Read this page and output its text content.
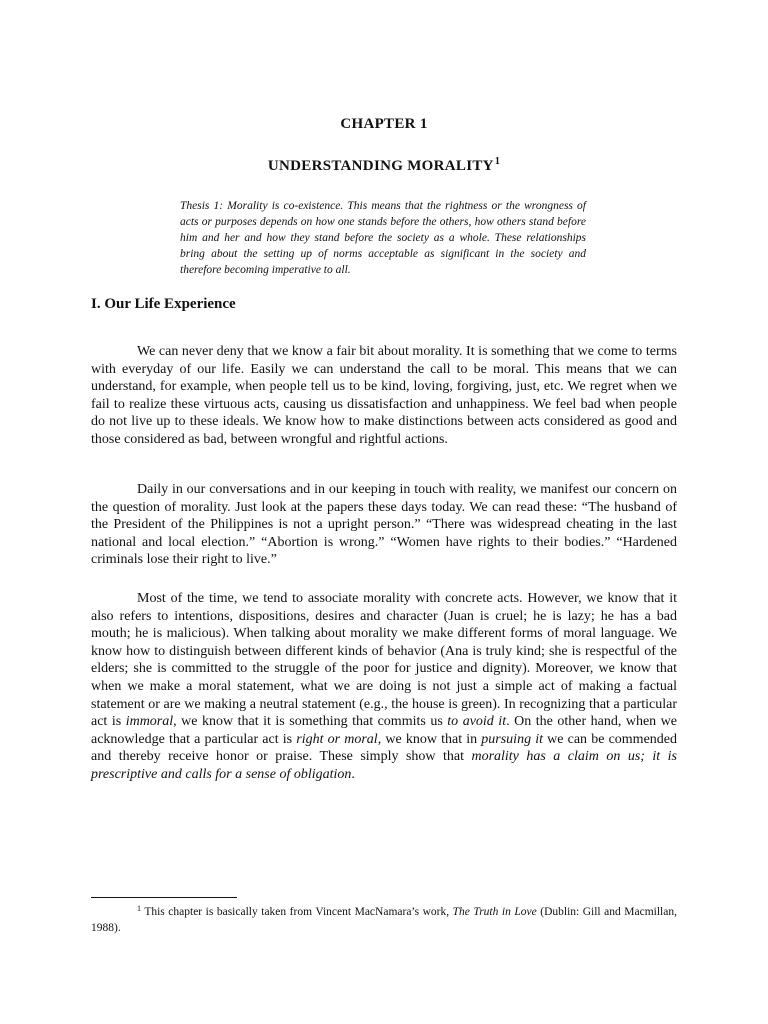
CHAPTER 1
UNDERSTANDING MORALITY$^1$

Thesis 1: Morality is co-existence. This means that the rightness or the wrongness of acts or purposes depends on how one stands before the others, how others stand before him and her and how they stand before the society as a whole. These relationships bring about the setting up of norms acceptable as significant in the society and therefore becoming imperative to all.

I. Our Life Experience

We can never deny that we know a fair bit about morality. It is something that we come to terms with everyday of our life. Easily we can understand the call to be moral. This means that we can understand, for example, when people tell us to be kind, loving, forgiving, just, etc. We regret when we fail to realize these virtuous acts, causing us dissatisfaction and unhappiness. We feel bad when people do not live up to these ideals. We know how to make distinctions between acts considered as good and those considered as bad, between wrongful and rightful actions.

Daily in our conversations and in our keeping in touch with reality, we manifest our concern on the question of morality. Just look at the papers these days today. We can read these: “The husband of the President of the Philippines is not a upright person.” “There was widespread cheating in the last national and local election.” “Abortion is wrong.” “Women have rights to their bodies.” “Hardened criminals lose their right to live.”

Most of the time, we tend to associate morality with concrete acts. However, we know that it also refers to intentions, dispositions, desires and character (Juan is cruel; he is lazy; he has a bad mouth; he is malicious). When talking about morality we make different forms of moral language. We know how to distinguish between different kinds of behavior (Ana is truly kind; she is respectful of the elders; she is committed to the struggle of the poor for justice and dignity). Moreover, we know that when we make a moral statement, what we are doing is not just a simple act of making a factual statement or are we making a neutral statement (e.g., the house is green). In recognizing that a particular act is immoral, we know that it is something that commits us to avoid it. On the other hand, when we acknowledge that a particular act is right or moral, we know that in pursuing it we can be commended and thereby receive honor or praise. These simply show that morality has a claim on us; it is prescriptive and calls for a sense of obligation.

$^1$ This chapter is basically taken from Vincent MacNamara’s work, The Truth in Love (Dublin: Gill and Macmillan, 1988).
